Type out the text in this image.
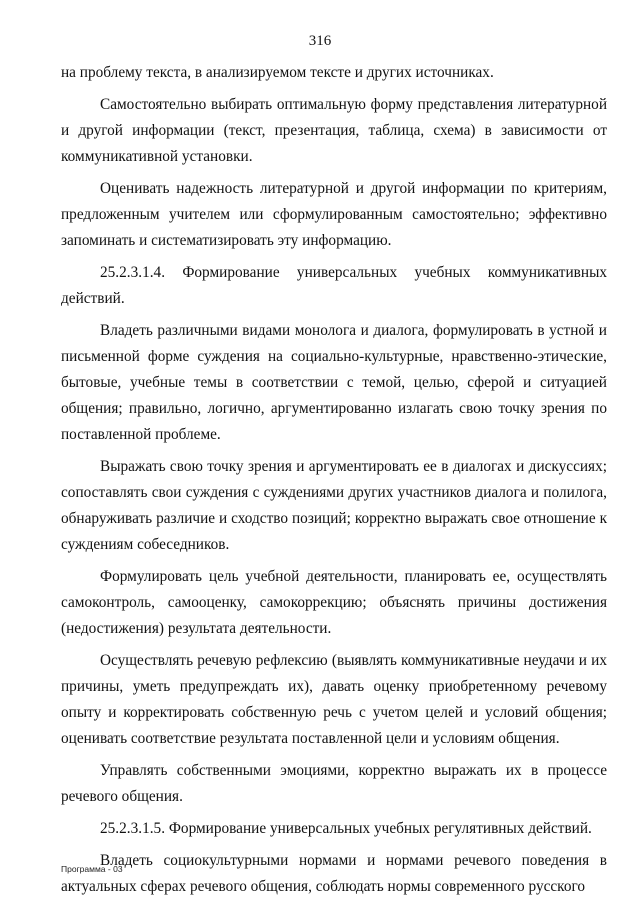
316

на проблему текста, в анализируемом тексте и других источниках.

Самостоятельно выбирать оптимальную форму представления литературной и другой информации (текст, презентация, таблица, схема) в зависимости от коммуникативной установки.

Оценивать надежность литературной и другой информации по критериям, предложенным учителем или сформулированным самостоятельно; эффективно запоминать и систематизировать эту информацию.

25.2.3.1.4. Формирование универсальных учебных коммуникативных

действий.

Владеть различными видами монолога и диалога, формулировать в устной и письменной форме суждения на социально-культурные, нравственно-этические, бытовые, учебные темы в соответствии с темой, целью, сферой и ситуацией общения; правильно, логично, аргументированно излагать свою точку зрения по поставленной проблеме.

Выражать свою точку зрения и аргументировать ее в диалогах и дискуссиях; сопоставлять свои суждения с суждениями других участников диалога и полилога, обнаруживать различие и сходство позиций; корректно выражать свое отношение к суждениям собеседников.

Формулировать цель учебной деятельности, планировать ее, осуществлять самоконтроль, самооценку, самокоррекцию; объяснять причины достижения (недостижения) результата деятельности.

Осуществлять речевую рефлексию (выявлять коммуникативные неудачи и их причины, уметь предупреждать их), давать оценку приобретенному речевому опыту и корректировать собственную речь с учетом целей и условий общения; оценивать соответствие результата поставленной цели и условиям общения.

Управлять собственными эмоциями, корректно выражать их в процессе речевого общения.

25.2.3.1.5. Формирование универсальных учебных регулятивных действий.

Владеть социокультурными нормами и нормами речевого поведения в актуальных сферах речевого общения, соблюдать нормы современного русского

Программа - 03
